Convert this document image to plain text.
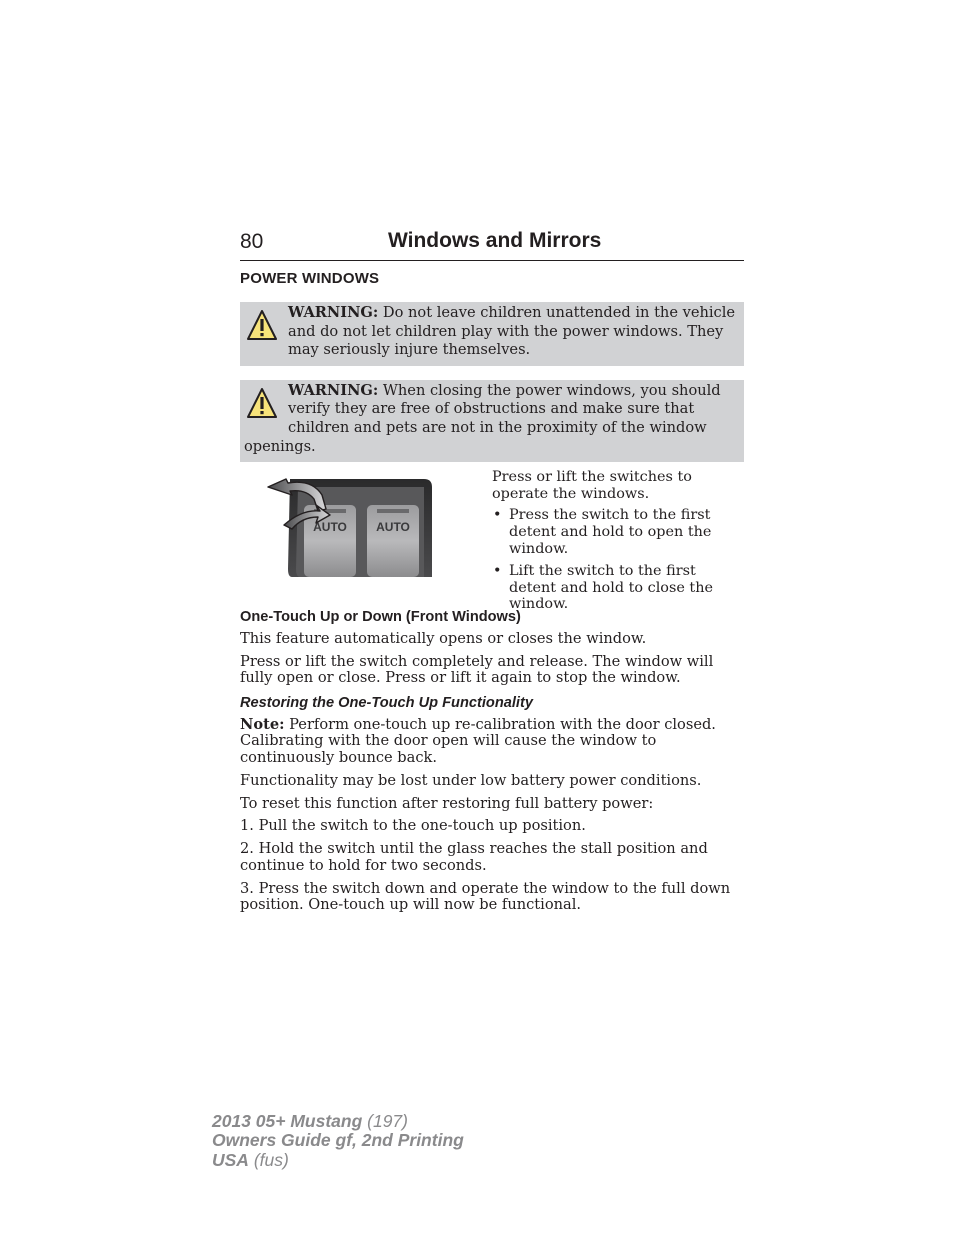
80	Windows and Mirrors
POWER WINDOWS
WARNING: Do not leave children unattended in the vehicle and do not let children play with the power windows. They may seriously injure themselves.
WARNING: When closing the power windows, you should verify they are free of obstructions and make sure that children and pets are not in the proximity of the window openings.
AUTO AUTO

Press or lift the switches to operate the windows.

• Press the switch to the first detent and hold to open the window.
• Lift the switch to the first detent and hold to close the window.
One-Touch Up or Down (Front Windows)

This feature automatically opens or closes the window.

Press or lift the switch completely and release. The window will fully open or close. Press or lift it again to stop the window.

Restoring the One-Touch Up Functionality

Note: Perform one-touch up re-calibration with the door closed. Calibrating with the door open will cause the window to continuously bounce back.

Functionality may be lost under low battery power conditions.

To reset this function after restoring full battery power:

1. Pull the switch to the one-touch up position.

2. Hold the switch until the glass reaches the stall position and continue to hold for two seconds.

3. Press the switch down and operate the window to the full down position. One-touch up will now be functional.

2013 05+ Mustang (197)
Owners Guide gf, 2nd Printing
USA (fus)
